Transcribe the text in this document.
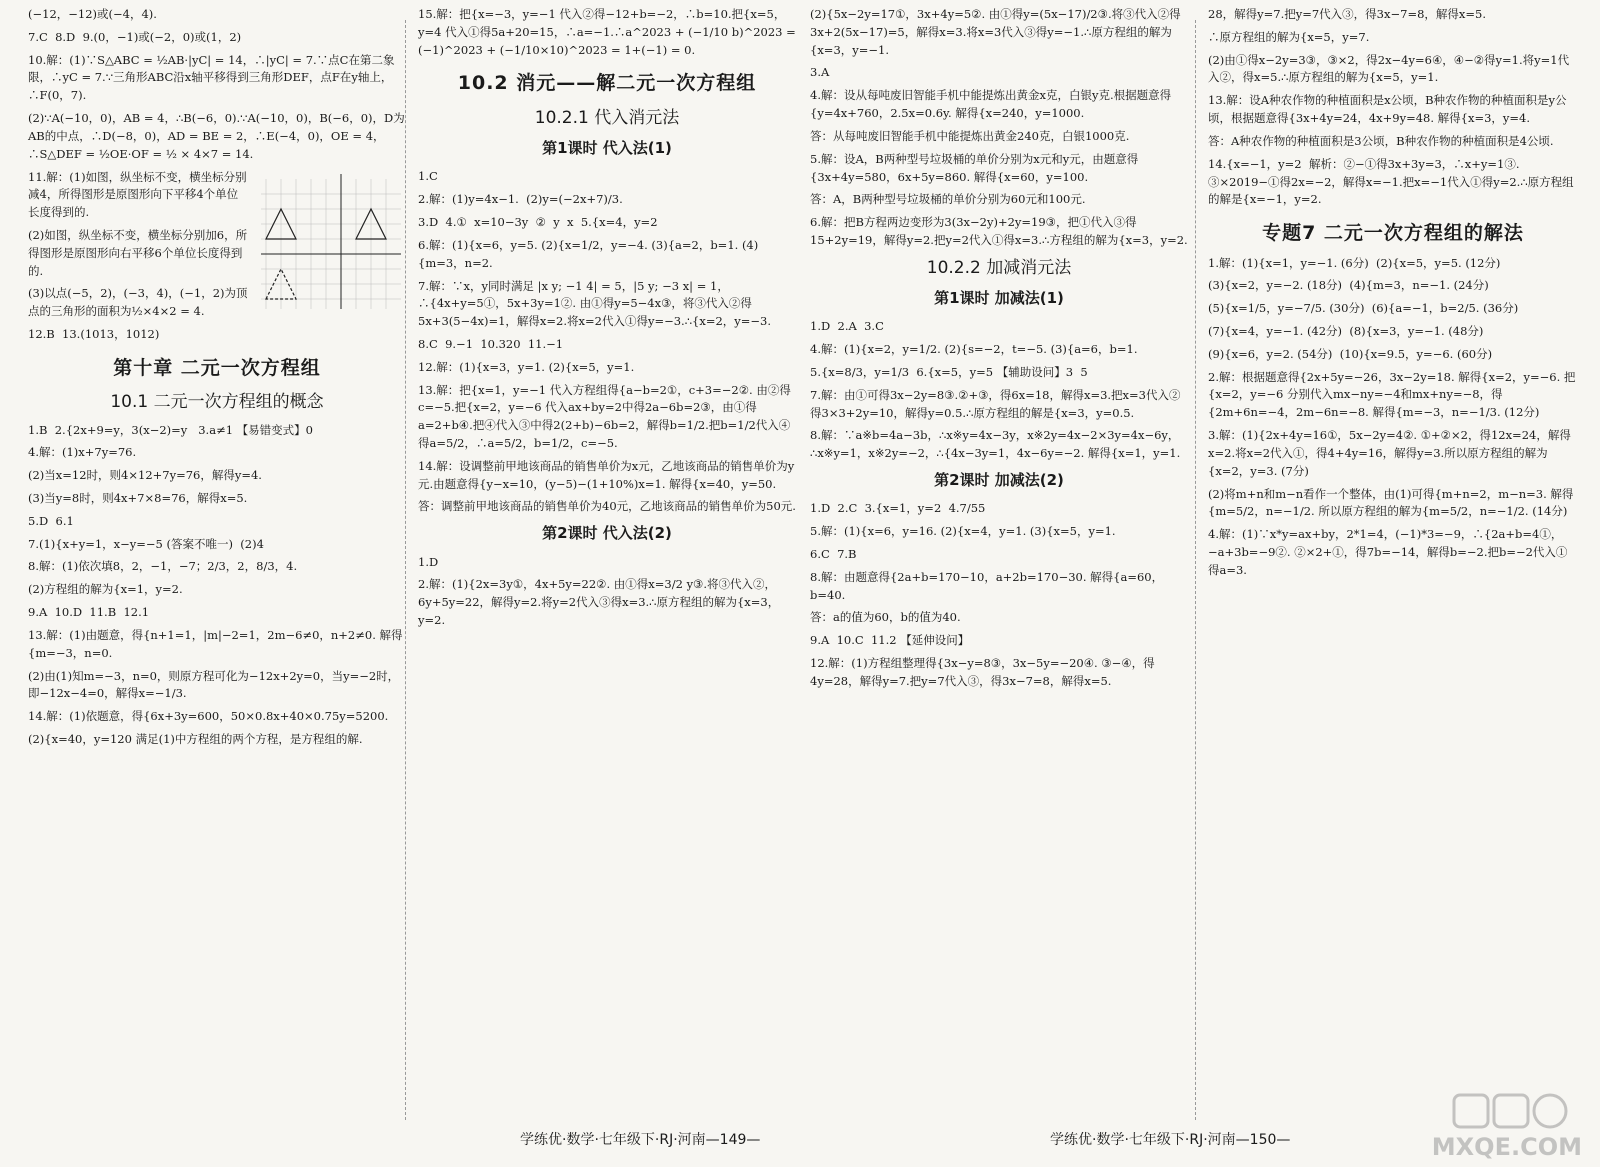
(−12，−12)或(−4，4).
7.C  8.D  9.(0，−1)或(−2，0)或(1，2)
10.解：(1)∵S△ABC = ½AB·|yC| = 14，∴|yC| = 7.∵点C在第二象限，∴yC = 7.∵三角形ABC沿x轴平移得到三角形DEF，点F在y轴上，∴F(0，7).
(2)∵A(−10，0)，AB = 4，∴B(−6，0).∵A(−10，0)，B(−6，0)，D为AB的中点，∴D(−8，0)，AD = BE = 2，∴E(−4，0)，OE = 4，∴S△DEF = ½OE·OF = ½ × 4×7 = 14.
11.解：(1)如图，纵坐标不变，横坐标分别减4，所得图形是原图形向下平移4个单位长度得到的.
(2)如图，纵坐标不变，横坐标分别加6，所得图形是原图形向右平移6个单位长度得到的.
(3)以点(−5，2)，(−3，4)，(−1，2)为顶点的三角形的面积为½×4×2 = 4.
12.B  13.(1013，1012)
第十章 二元一次方程组
10.1 二元一次方程组的概念
1.B  2.{2x+9=y，3(x−2)=y   3.a≠1 【易错变式】0
4.解：(1)x+7y=76.
(2)当x=12时，则4×12+7y=76，解得y=4.
(3)当y=8时，则4x+7×8=76，解得x=5.
5.D  6.1
7.(1){x+y=1，x−y=−5 (答案不唯一)  (2)4
8.解：(1)依次填8，2，−1，−7；2/3，2，8/3，4.
(2)方程组的解为{x=1，y=2.
9.A  10.D  11.B  12.1
13.解：(1)由题意，得{n+1=1，|m|−2=1，2m−6≠0，n+2≠0. 解得{m=−3，n=0.
(2)由(1)知m=−3，n=0，则原方程可化为−12x+2y=0，当y=−2时，即−12x−4=0，解得x=−1/3.
14.解：(1)依题意，得{6x+3y=600，50×0.8x+40×0.75y=5200.
(2){x=40，y=120 满足(1)中方程组的两个方程，是方程组的解.
15.解：把{x=−3，y=−1 代入②得−12+b=−2，∴b=10.把{x=5，y=4 代入①得5a+20=15，∴a=−1.∴a^2023 + (−1/10 b)^2023 = (−1)^2023 + (−1/10×10)^2023 = 1+(−1) = 0.
10.2 消元——解二元一次方程组
10.2.1 代入消元法
第1课时 代入法(1)
1.C
2.解：(1)y=4x−1.  (2)y=(−2x+7)/3.
3.D  4.①  x=10−3y  ②  y  x  5.{x=4，y=2
6.解：(1){x=6，y=5. (2){x=1/2，y=−4. (3){a=2，b=1. (4){m=3，n=2.
7.解：∵x，y同时满足 |x y; −1 4| = 5，|5 y; −3 x| = 1，∴{4x+y=5①，5x+3y=1②. 由①得y=5−4x③，将③代入②得5x+3(5−4x)=1，解得x=2.将x=2代入①得y=−3.∴{x=2，y=−3.
8.C  9.−1  10.320  11.−1
12.解：(1){x=3，y=1. (2){x=5，y=1.
13.解：把{x=1，y=−1 代入方程组得{a−b=2①，c+3=−2②. 由②得c=−5.把{x=2，y=−6 代入ax+by=2中得2a−6b=2③，由①得a=2+b④.把④代入③中得2(2+b)−6b=2，解得b=1/2.把b=1/2代入④得a=5/2，∴a=5/2，b=1/2，c=−5.
14.解：设调整前甲地该商品的销售单价为x元，乙地该商品的销售单价为y元.由题意得{y−x=10，(y−5)−(1+10%)x=1. 解得{x=40，y=50.
答：调整前甲地该商品的销售单价为40元，乙地该商品的销售单价为50元.
第2课时 代入法(2)
1.D
2.解：(1){2x=3y①，4x+5y=22②. 由①得x=3/2 y③.将③代入②，6y+5y=22，解得y=2.将y=2代入③得x=3.∴原方程组的解为{x=3，y=2.
学练优·数学·七年级下·RJ·河南—149—
(2){5x−2y=17①，3x+4y=5②. 由①得y=(5x−17)/2③.将③代入②得3x+2(5x−17)=5，解得x=3.将x=3代入③得y=−1.∴原方程组的解为{x=3，y=−1.
3.A
4.解：设从每吨废旧智能手机中能提炼出黄金x克，白银y克.根据题意得{y=4x+760，2.5x=0.6y. 解得{x=240，y=1000.
答：从每吨废旧智能手机中能提炼出黄金240克，白银1000克.
5.解：设A，B两种型号垃圾桶的单价分别为x元和y元，由题意得{3x+4y=580，6x+5y=860. 解得{x=60，y=100.
答：A，B两种型号垃圾桶的单价分别为60元和100元.
6.解：把B方程两边变形为3(3x−2y)+2y=19③，把①代入③得15+2y=19，解得y=2.把y=2代入①得x=3.∴方程组的解为{x=3，y=2.
10.2.2 加减消元法
第1课时 加减法(1)
1.D  2.A  3.C
4.解：(1){x=2，y=1/2. (2){s=−2，t=−5. (3){a=6，b=1.
5.{x=8/3，y=1/3  6.{x=5，y=5 【辅助设问】3  5
7.解：由①可得3x−2y=8③.②+③，得6x=18，解得x=3.把x=3代入②得3×3+2y=10，解得y=0.5.∴原方程组的解是{x=3，y=0.5.
8.解：∵a※b=4a−3b，∴x※y=4x−3y，x※2y=4x−2×3y=4x−6y，∴x※y=1，x※2y=−2，∴{4x−3y=1，4x−6y=−2. 解得{x=1，y=1.
第2课时 加减法(2)
1.D  2.C  3.{x=1，y=2  4.7/55
5.解：(1){x=6，y=16. (2){x=4，y=1. (3){x=5，y=1.
6.C  7.B
8.解：由题意得{2a+b=170−10，a+2b=170−30. 解得{a=60，b=40.
答：a的值为60，b的值为40.
9.A  10.C  11.2 【延伸设问】
12.解：(1)方程组整理得{3x−y=8③，3x−5y=−20④. ③−④，得4y=28，解得y=7.把y=7代入③，得3x−7=8，解得x=5.
28，解得y=7.把y=7代入③，得3x−7=8，解得x=5.
∴原方程组的解为{x=5，y=7.
(2)由①得x−2y=3③，③×2，得2x−4y=6④，④−②得y=1.将y=1代入②，得x=5.∴原方程组的解为{x=5，y=1.
13.解：设A种农作物的种植面积是x公顷，B种农作物的种植面积是y公顷，根据题意得{3x+4y=24，4x+9y=48. 解得{x=3，y=4.
答：A种农作物的种植面积是3公顷，B种农作物的种植面积是4公顷.
14.{x=−1，y=2  解析：②−①得3x+3y=3，∴x+y=1③. ③×2019−①得2x=−2，解得x=−1.把x=−1代入①得y=2.∴原方程组的解是{x=−1，y=2.
专题7 二元一次方程组的解法
1.解：(1){x=1，y=−1. (6分)  (2){x=5，y=5. (12分)
(3){x=2，y=−2. (18分)  (4){m=3，n=−1. (24分)
(5){x=1/5，y=−7/5. (30分)  (6){a=−1，b=2/5. (36分)
(7){x=4，y=−1. (42分)  (8){x=3，y=−1. (48分)
(9){x=6，y=2. (54分)  (10){x=9.5，y=−6. (60分)
2.解：根据题意得{2x+5y=−26，3x−2y=18. 解得{x=2，y=−6. 把{x=2，y=−6 分别代入mx−ny=−4和mx+ny=−8，得{2m+6n=−4，2m−6n=−8. 解得{m=−3，n=−1/3. (12分)
3.解：(1){2x+4y=16①，5x−2y=4②. ①+②×2，得12x=24，解得x=2.将x=2代入①，得4+4y=16，解得y=3.所以原方程组的解为{x=2，y=3. (7分)
(2)将m+n和m−n看作一个整体，由(1)可得{m+n=2，m−n=3. 解得{m=5/2，n=−1/2. 所以原方程组的解为{m=5/2，n=−1/2. (14分)
4.解：(1)∵x*y=ax+by，2*1=4，(−1)*3=−9，∴{2a+b=4①，−a+3b=−9②. ②×2+①，得7b=−14，解得b=−2.把b=−2代入①得a=3.
学练优·数学·七年级下·RJ·河南—150—	MXQE.COM
